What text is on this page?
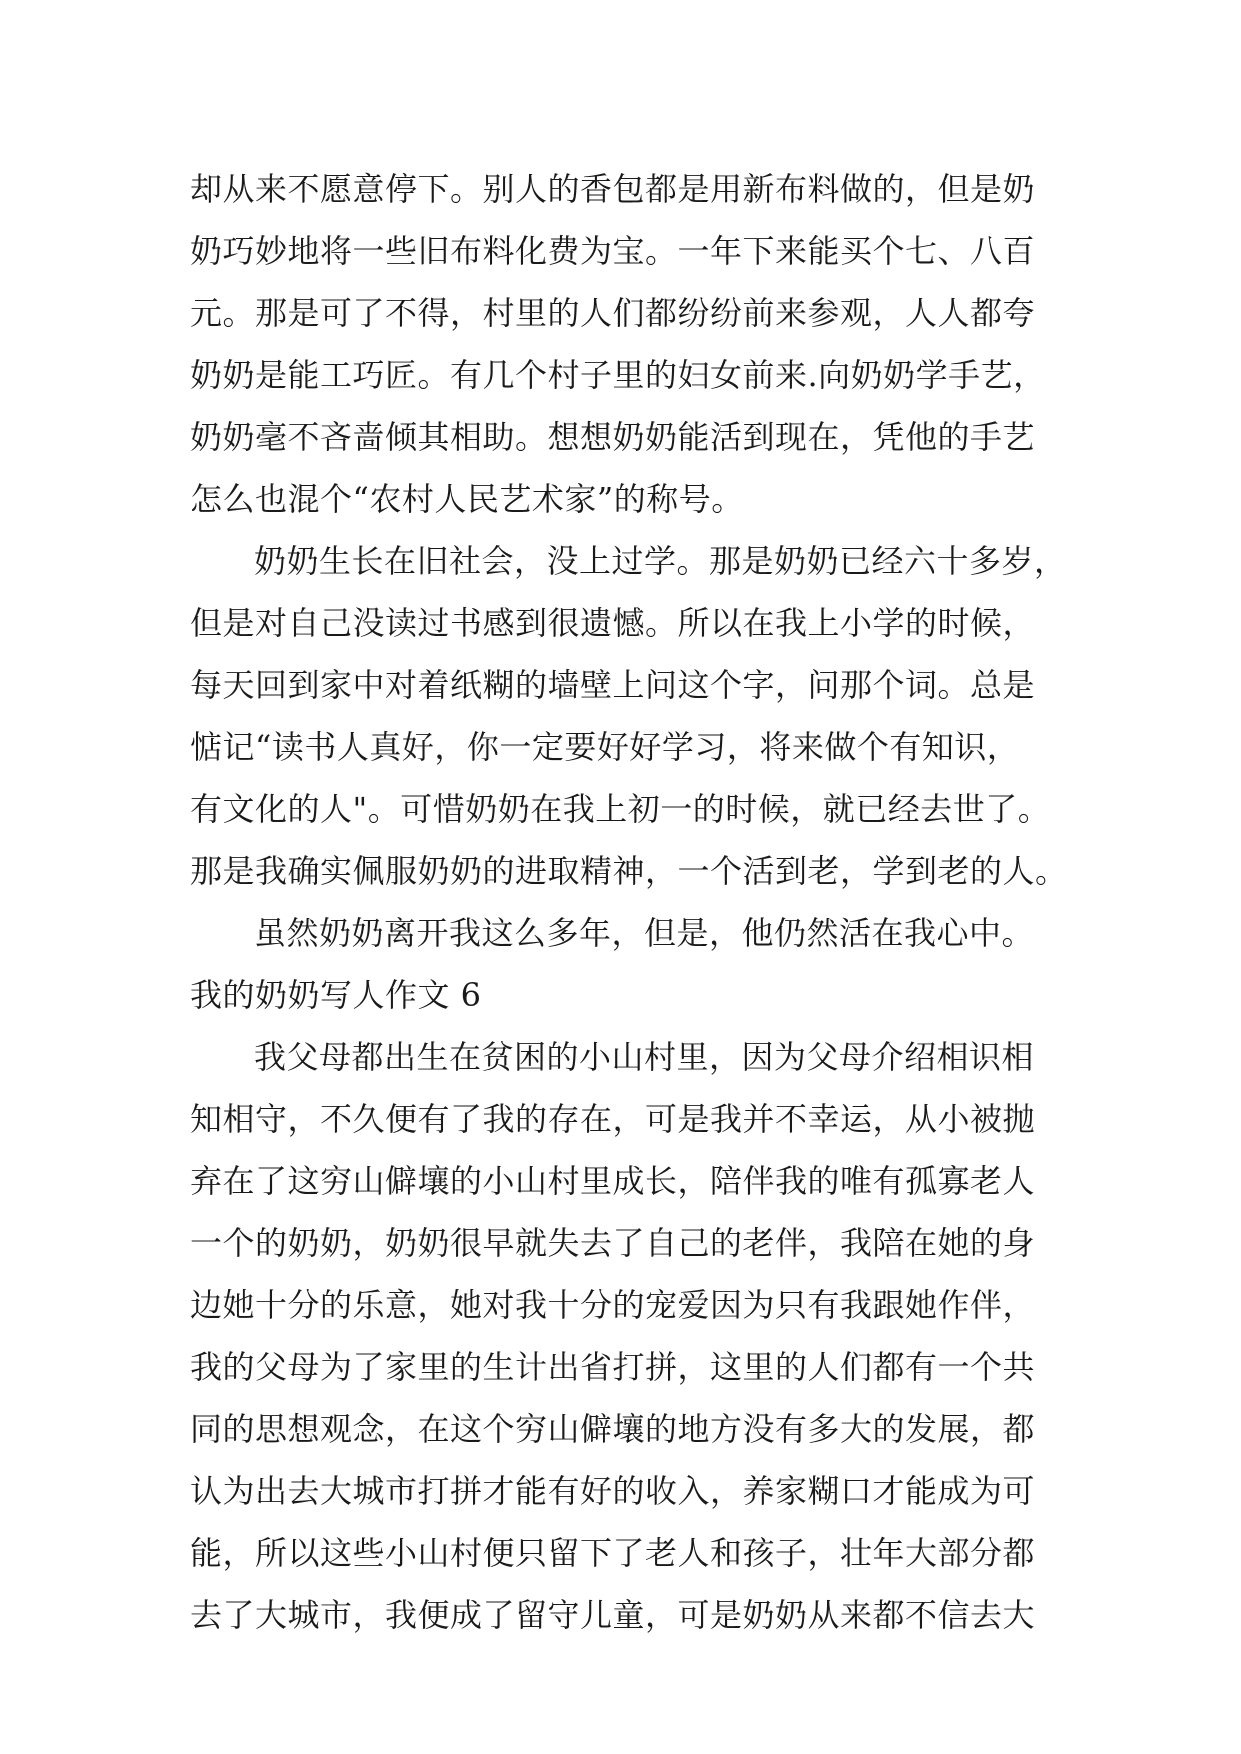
却从来不愿意停下。别人的香包都是用新布料做的，但是奶
奶巧妙地将一些旧布料化费为宝。一年下来能买个七、八百
元。那是可了不得，村里的人们都纷纷前来参观，人人都夸
奶奶是能工巧匠。有几个村子里的妇女前来.向奶奶学手艺，
奶奶毫不吝啬倾其相助。想想奶奶能活到现在，凭他的手艺
怎么也混个“农村人民艺术家”的称号。
奶奶生长在旧社会，没上过学。那是奶奶已经六十多岁，
但是对自己没读过书感到很遗憾。所以在我上小学的时候，
每天回到家中对着纸糊的墙壁上问这个字，问那个词。总是
惦记“读书人真好，你一定要好好学习，将来做个有知识，
有文化的人"。可惜奶奶在我上初一的时候，就已经去世了。
那是我确实佩服奶奶的进取精神，一个活到老，学到老的人。
虽然奶奶离开我这么多年，但是，他仍然活在我心中。
我的奶奶写人作文 6
我父母都出生在贫困的小山村里，因为父母介绍相识相
知相守，不久便有了我的存在，可是我并不幸运，从小被抛
弃在了这穷山僻壤的小山村里成长，陪伴我的唯有孤寡老人
一个的奶奶，奶奶很早就失去了自己的老伴，我陪在她的身
边她十分的乐意，她对我十分的宠爱因为只有我跟她作伴，
我的父母为了家里的生计出省打拼，这里的人们都有一个共
同的思想观念，在这个穷山僻壤的地方没有多大的发展，都
认为出去大城市打拼才能有好的收入，养家糊口才能成为可
能，所以这些小山村便只留下了老人和孩子，壮年大部分都
去了大城市，我便成了留守儿童，可是奶奶从来都不信去大
